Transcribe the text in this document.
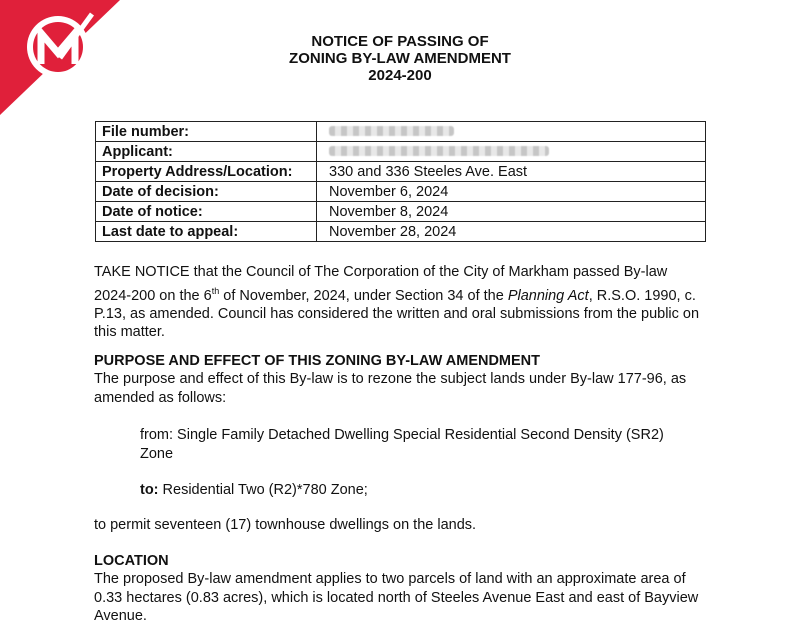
NOTICE OF PASSING OF
ZONING BY-LAW AMENDMENT
2024-200
File number:	
Applicant:	
Property Address/Location:	330 and 336 Steeles Ave. East
Date of decision:	November 6, 2024
Date of notice:	November 8, 2024
Last date to appeal:	November 28, 2024
TAKE NOTICE that the Council of The Corporation of the City of Markham passed By-law 2024-200 on the 6th of November, 2024, under Section 34 of the Planning Act, R.S.O. 1990, c. P.13, as amended. Council has considered the written and oral submissions from the public on this matter.
PURPOSE AND EFFECT OF THIS ZONING BY-LAW AMENDMENT
The purpose and effect of this By-law is to rezone the subject lands under By-law 177-96, as amended as follows:
from: Single Family Detached Dwelling Special Residential Second Density (SR2) Zone
to: Residential Two (R2)*780 Zone;
to permit seventeen (17) townhouse dwellings on the lands.
LOCATION
The proposed By-law amendment applies to two parcels of land with an approximate area of 0.33 hectares (0.83 acres), which is located north of Steeles Avenue East and east of Bayview Avenue.
